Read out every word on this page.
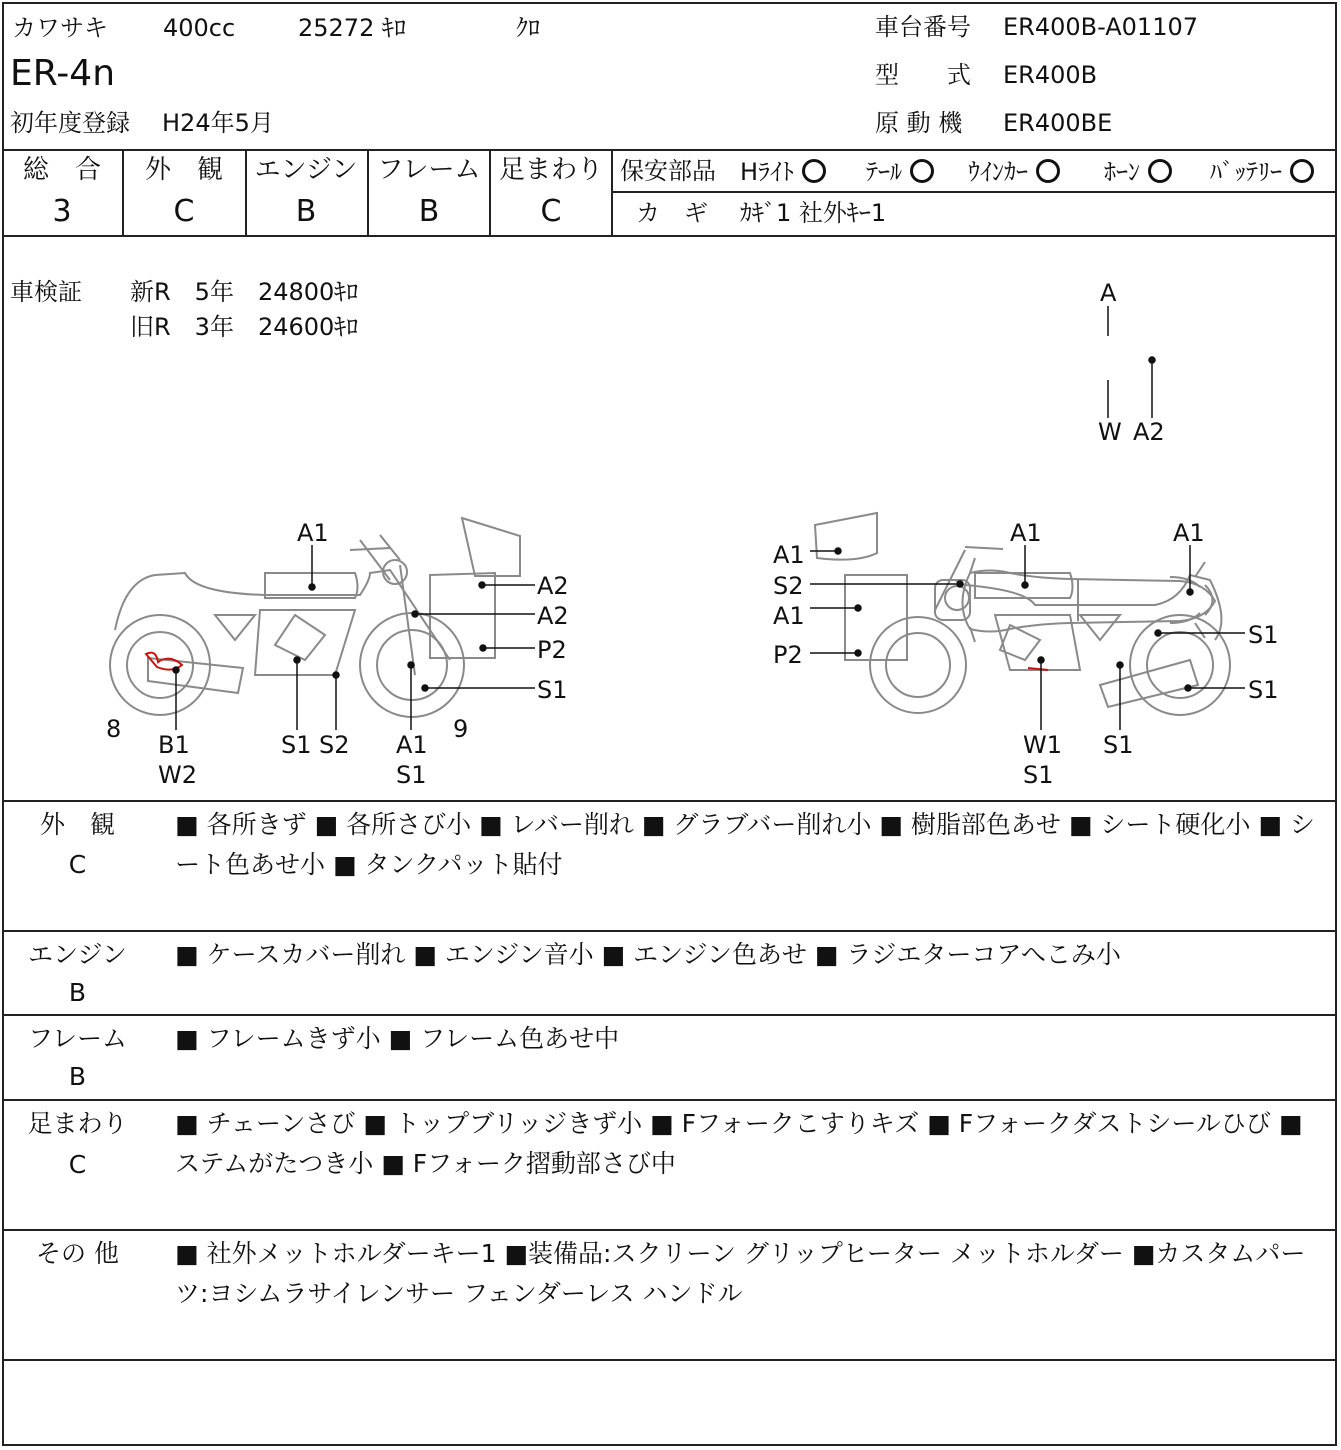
カワサキ 400cc	25272 ｷﾛ	ｸﾛ
ER-4n
初年度登録 H24年5月
車台番号 ER400B-A01107
型　　式 ER400B
原 動 機 ER400BE
総　合
3
外　観
C
エンジン
B
フレーム
B
足まわり
C
保安部品 Hﾗｲﾄ	ﾃｰﾙ	ｳｲﾝｶｰ	ﾎｰﾝ	ﾊﾞｯﾃﾘｰ
カ　ギ ｶｷﾞ1 社外ｷｰ1
車検証 新R　5年　24800ｷﾛ
旧R　3年　24600ｷﾛ
A
W A2
A1
A2
A2
P2
S1
8
B1
W2
S1 S2 A1
S1
9
A1
S2
A1
P2
A1	A1
S1
S1
W1
S1
S1
外　観
C
■ 各所きず ■ 各所さび小 ■ レバー削れ ■ グラブバー削れ小 ■ 樹脂部色あせ ■ シート硬化小 ■ シート色あせ小 ■ タンクパット貼付
エンジン
B
■ ケースカバー削れ ■ エンジン音小 ■ エンジン色あせ ■ ラジエターコアへこみ小
フレーム
B
■ フレームきず小 ■ フレーム色あせ中
足まわり
C
■ チェーンさび ■ トップブリッジきず小 ■ Fフォークこすりキズ ■ Fフォークダストシールひび ■ ステムがたつき小 ■ Fフォーク摺動部さび中
その 他	■ 社外メットホルダーキー1 ■装備品:スクリーン グリップヒーター メットホルダー ■カスタムパーツ:ヨシムラサイレンサー フェンダーレス ハンドル
